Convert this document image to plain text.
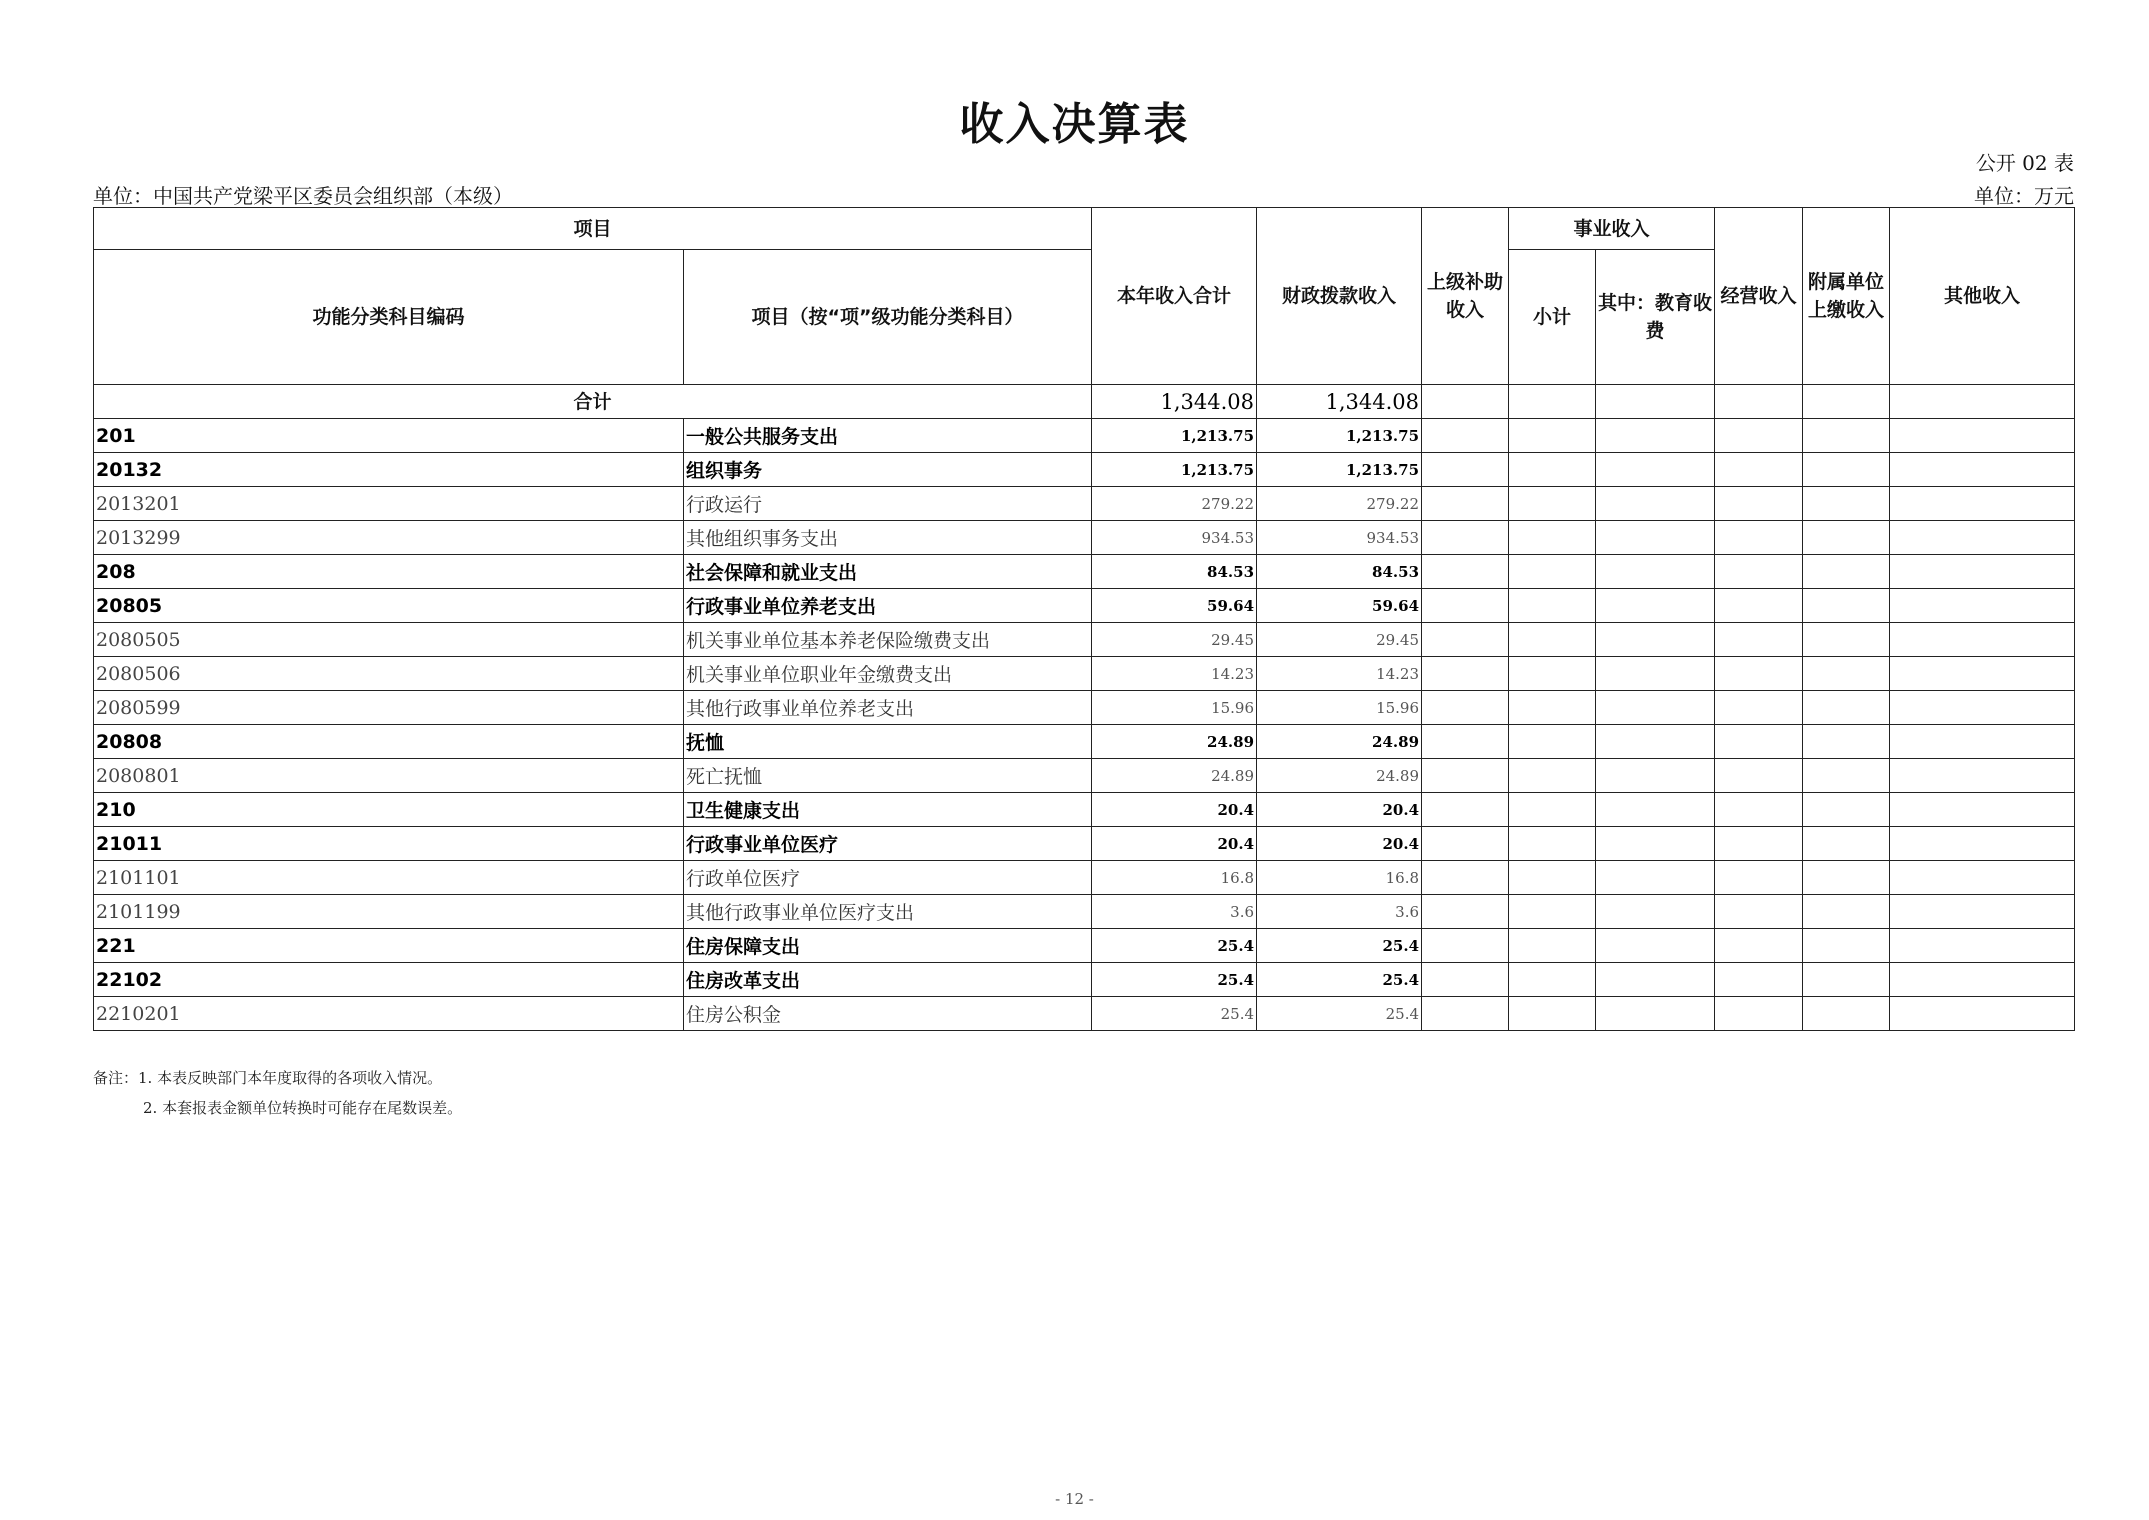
收入决算表
公开 02 表
单位：中国共产党梁平区委员会组织部（本级）	单位：万元
项目		本年收入合计	财政拨款收入	上级补助收入	事业收入		经营收入	附属单位上缴收入	其他收入
功能分类科目编码	项目（按“项”级功能分类科目）				小计	其中：教育收费			
合计		1,344.08	1,344.08						
201	一般公共服务支出	1,213.75	1,213.75						
20132	组织事务	1,213.75	1,213.75						
2013201	行政运行	279.22	279.22						
2013299	其他组织事务支出	934.53	934.53						
208	社会保障和就业支出	84.53	84.53						
20805	行政事业单位养老支出	59.64	59.64						
2080505	机关事业单位基本养老保险缴费支出	29.45	29.45						
2080506	机关事业单位职业年金缴费支出	14.23	14.23						
2080599	其他行政事业单位养老支出	15.96	15.96						
20808	抚恤	24.89	24.89						
2080801	死亡抚恤	24.89	24.89						
210	卫生健康支出	20.4	20.4						
21011	行政事业单位医疗	20.4	20.4						
2101101	行政单位医疗	16.8	16.8						
2101199	其他行政事业单位医疗支出	3.6	3.6						
221	住房保障支出	25.4	25.4						
22102	住房改革支出	25.4	25.4						
2210201	住房公积金	25.4	25.4						
备注：1. 本表反映部门本年度取得的各项收入情况。
2. 本套报表金额单位转换时可能存在尾数误差。
- 12 -
